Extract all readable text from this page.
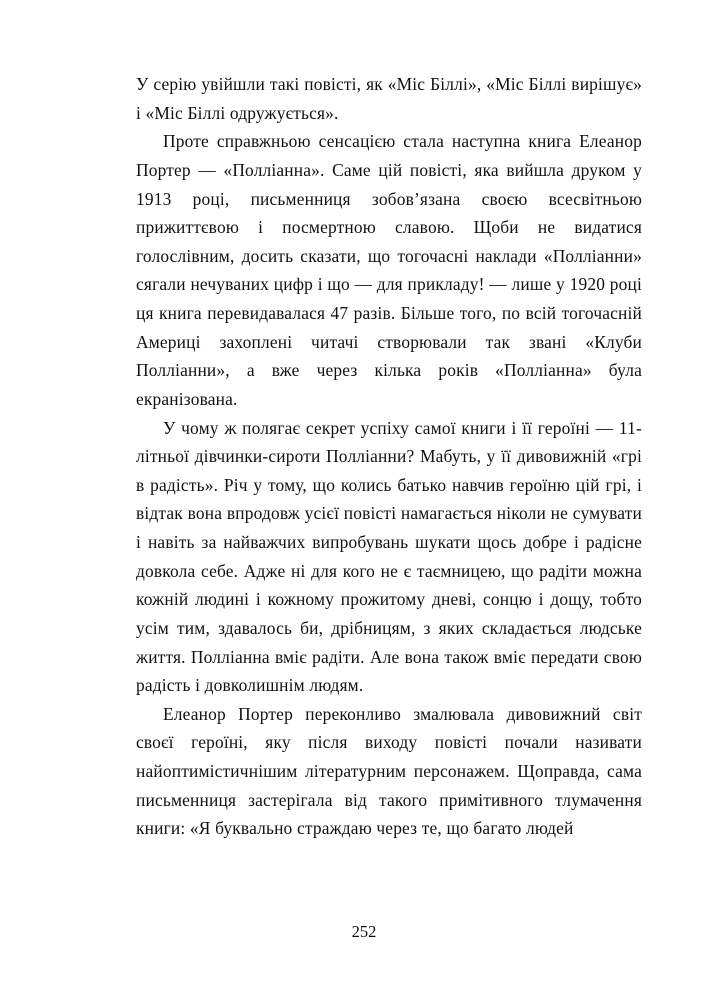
У серію увійшли такі повісті, як «Міс Біллі», «Міс Біллі вирішує» і «Міс Біллі одружується».

Проте справжньою сенсацією стала наступна книга Елеанор Портер — «Полліанна». Саме цій повісті, яка вийшла друком у 1913 році, письменниця зобов’язана своєю всесвітньою прижиттєвою і посмертною славою. Щоби не видатися голослівним, досить сказати, що тогочасні наклади «Полліанни» сягали нечуваних цифр і що — для прикладу! — лише у 1920 році ця книга перевидавалася 47 разів. Більше того, по всій тогочасній Америці захоплені читачі створювали так звані «Клуби Полліанни», а вже через кілька років «Полліанна» була екранізована.

У чому ж полягає секрет успіху самої книги і її героїні — 11-літньої дівчинки-сироти Полліанни? Мабуть, у її дивовижній «грі в радість». Річ у тому, що колись батько навчив героїню цій грі, і відтак вона впродовж усієї повісті намагається ніколи не сумувати і навіть за найважчих випробувань шукати щось добре і радісне довкола себе. Адже ні для кого не є таємницею, що радіти можна кожній людині і кожному прожитому дневі, сонцю і дощу, тобто усім тим, здавалось би, дрібницям, з яких складається людське життя. Полліанна вміє радіти. Але вона також вміє передати свою радість і довколишнім людям.

Елеанор Портер переконливо змалювала дивовижний світ своєї героїні, яку після виходу повісті почали називати найоптимістичнішим літературним персонажем. Щоправда, сама письменниця застерігала від такого примітивного тлумачення книги: «Я буквально страждаю через те, що багато людей

252
